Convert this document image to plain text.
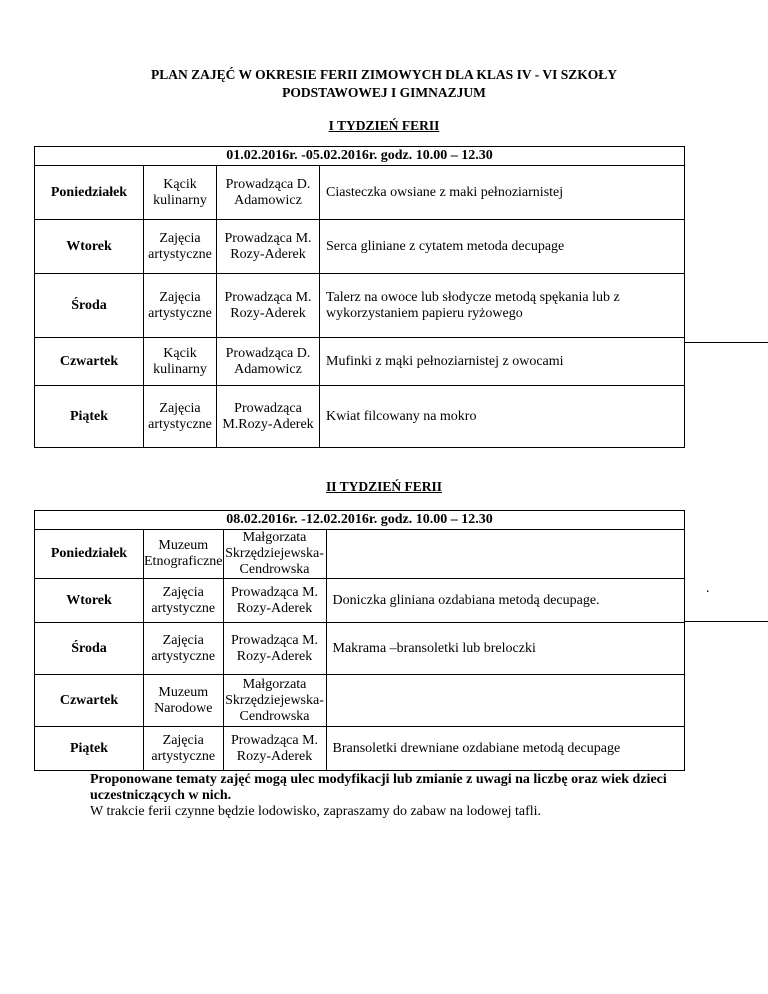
PLAN ZAJĘĆ W OKRESIE FERII ZIMOWYCH DLA KLAS IV - VI SZKOŁY
PODSTAWOWEJ I GIMNAZJUM
I TYDZIEŃ FERII
01.02.2016r. -05.02.2016r. godz. 10.00 – 12.30			
Poniedziałek	Kącik kulinarny	Prowadząca D. Adamowicz	Ciasteczka owsiane z maki pełnoziarnistej
Wtorek	Zajęcia artystyczne	Prowadząca M. Rozy-Aderek	Serca gliniane z cytatem metoda decupage
Środa	Zajęcia artystyczne	Prowadząca M. Rozy-Aderek	Talerz na owoce lub słodycze metodą spękania lub z wykorzystaniem papieru ryżowego
Czwartek	Kącik kulinarny	Prowadząca D. Adamowicz	Mufinki z mąki pełnoziarnistej z owocami
Piątek	Zajęcia artystyczne	Prowadząca M.Rozy-Aderek	Kwiat filcowany na mokro
II TYDZIEŃ FERII
08.02.2016r. -12.02.2016r. godz. 10.00 – 12.30			
Poniedziałek	Muzeum Etnograficzne	Małgorzata Skrzędziejewska-Cendrowska	
Wtorek	Zajęcia artystyczne	Prowadząca M. Rozy-Aderek	Doniczka gliniana ozdabiana metodą decupage.
Środa	Zajęcia artystyczne	Prowadząca M. Rozy-Aderek	Makrama –bransoletki lub breloczki
Czwartek	Muzeum Narodowe	Małgorzata Skrzędziejewska-Cendrowska	
Piątek	Zajęcia artystyczne	Prowadząca M. Rozy-Aderek	Bransoletki drewniane ozdabiane metodą decupage
.
Proponowane tematy zajęć mogą ulec modyfikacji lub zmianie z uwagi na liczbę oraz wiek dzieci uczestniczących w nich.
W trakcie ferii czynne będzie lodowisko, zapraszamy do zabaw na lodowej tafli.
